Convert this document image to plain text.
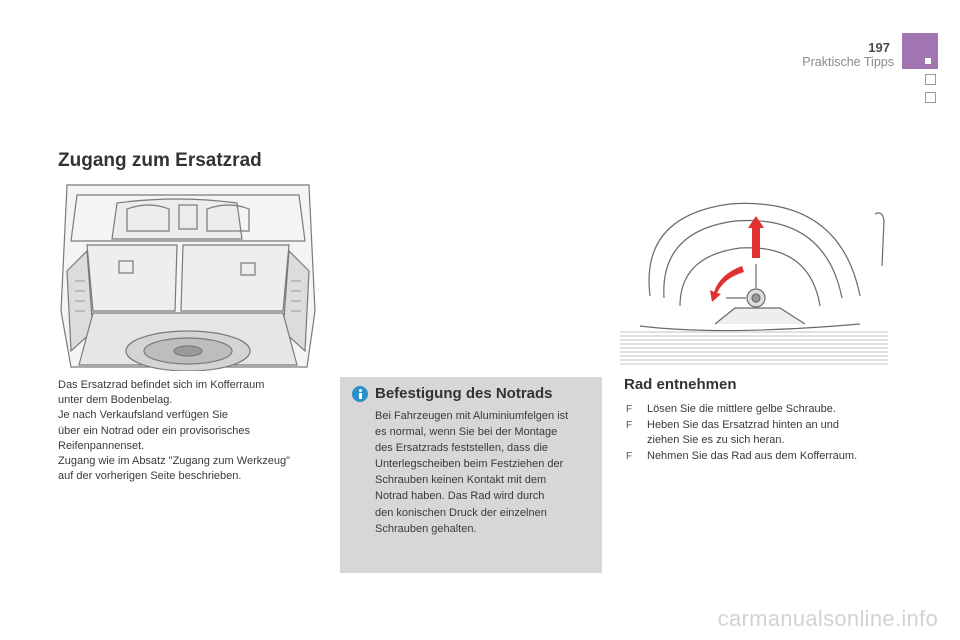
197
Praktische Tipps
Zugang zum Ersatzrad
Das Ersatzrad befindet sich im Kofferraum
unter dem Bodenbelag.
Je nach Verkaufsland verfügen Sie
über ein Notrad oder ein provisorisches
Reifenpannenset.
Zugang wie im Absatz "Zugang zum Werkzeug"
auf der vorherigen Seite beschrieben.
Befestigung des Notrads
Bei Fahrzeugen mit Aluminiumfelgen ist
es normal, wenn Sie bei der Montage
des Ersatzrads feststellen, dass die
Unterlegscheiben beim Festziehen der
Schrauben keinen Kontakt mit dem
Notrad haben. Das Rad wird durch
den konischen Druck der einzelnen
Schrauben gehalten.
Rad entnehmen
F Lösen Sie die mittlere gelbe Schraube.
F Heben Sie das Ersatzrad hinten an und
ziehen Sie es zu sich heran.
F Nehmen Sie das Rad aus dem Kofferraum.
carmanualsonline.info
